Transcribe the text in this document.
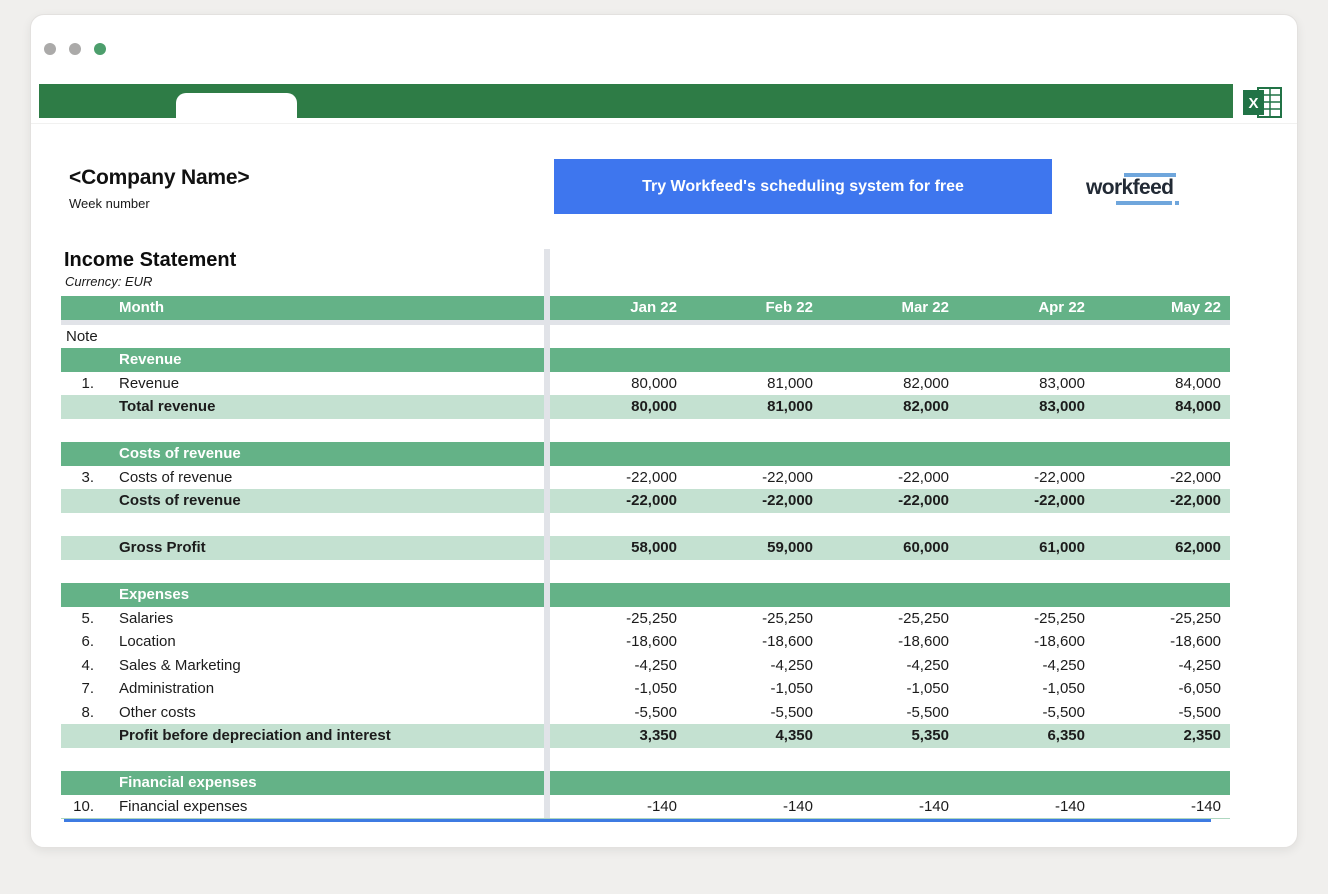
X
<Company Name>
Week number
Try Workfeed's scheduling system for free	workfeed
Income Statement
Currency: EUR
Month	Jan 22	Feb 22	Mar 22	Apr 22	May 22
Note
Revenue
1. Revenue	80,000	81,000	82,000	83,000	84,000
Total revenue	80,000	81,000	82,000	83,000	84,000
Costs of revenue
3. Costs of revenue	-22,000	-22,000	-22,000	-22,000	-22,000
Costs of revenue	-22,000	-22,000	-22,000	-22,000	-22,000
Gross Profit	58,000	59,000	60,000	61,000	62,000
Expenses
5. Salaries	-25,250	-25,250	-25,250	-25,250	-25,250
6. Location	-18,600	-18,600	-18,600	-18,600	-18,600
4. Sales & Marketing	-4,250	-4,250	-4,250	-4,250	-4,250
7. Administration	-1,050	-1,050	-1,050	-1,050	-6,050
8. Other costs	-5,500	-5,500	-5,500	-5,500	-5,500
Profit before depreciation and interest	3,350	4,350	5,350	6,350	2,350
Financial expenses
10. Financial expenses	-140	-140	-140	-140	-140
